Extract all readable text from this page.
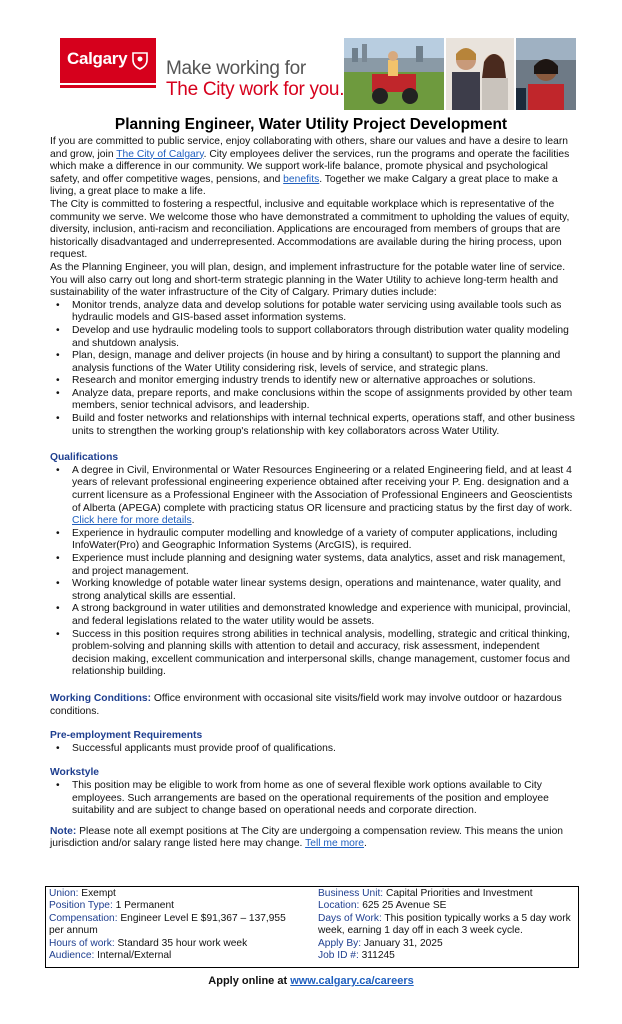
Calgary Make working for
The City work for you.
Planning Engineer, Water Utility Project Development

If you are committed to public service, enjoy collaborating with others, share our values and have a desire to learn and grow, join The City of Calgary. City employees deliver the services, run the programs and operate the facilities which make a difference in our community. We support work-life balance, promote physical and psychological safety, and offer competitive wages, pensions, and benefits. Together we make Calgary a great place to make a living, a great place to make a life.

The City is committed to fostering a respectful, inclusive and equitable workplace which is representative of the community we serve. We welcome those who have demonstrated a commitment to upholding the values of equity, diversity, inclusion, anti-racism and reconciliation. Applications are encouraged from members of groups that are historically disadvantaged and underrepresented. Accommodations are available during the hiring process, upon request.

As the Planning Engineer, you will plan, design, and implement infrastructure for the potable water line of service. You will also carry out long and short-term strategic planning in the Water Utility to achieve long-term health and sustainability of the water infrastructure of the City of Calgary. Primary duties include:

• Monitor trends, analyze data and develop solutions for potable water servicing using available tools such as hydraulic models and GIS-based asset information systems.
• Develop and use hydraulic modeling tools to support collaborators through distribution water quality modeling and shutdown analysis.
• Plan, design, manage and deliver projects (in house and by hiring a consultant) to support the planning and analysis functions of the Water Utility considering risk, levels of service, and strategic plans.
• Research and monitor emerging industry trends to identify new or alternative approaches or solutions.
• Analyze data, prepare reports, and make conclusions within the scope of assignments provided by other team members, senior technical advisors, and leadership.
• Build and foster networks and relationships with internal technical experts, operations staff, and other business units to strengthen the working group's relationship with key collaborators across Water Utility.
Qualifications
• A degree in Civil, Environmental or Water Resources Engineering or a related Engineering field, and at least 4 years of relevant professional engineering experience obtained after receiving your P. Eng. designation and a current licensure as a Professional Engineer with the Association of Professional Engineers and Geoscientists of Alberta (APEGA) complete with practicing status OR licensure and practicing status by the first day of work. Click here for more details.
• Experience in hydraulic computer modelling and knowledge of a variety of computer applications, including InfoWater(Pro) and Geographic Information Systems (ArcGIS), is required.
• Experience must include planning and designing water systems, data analytics, asset and risk management, and project management.
• Working knowledge of potable water linear systems design, operations and maintenance, water quality, and strong analytical skills are essential.
• A strong background in water utilities and demonstrated knowledge and experience with municipal, provincial, and federal legislations related to the water utility would be assets.
• Success in this position requires strong abilities in technical analysis, modelling, strategic and critical thinking, problem-solving and planning skills with attention to detail and accuracy, risk assessment, independent decision making, excellent communication and interpersonal skills, change management, customer focus and relationship building.

Working Conditions: Office environment with occasional site visits/field work may involve outdoor or hazardous conditions.

Pre-employment Requirements
• Successful applicants must provide proof of qualifications.
Workstyle
• This position may be eligible to work from home as one of several flexible work options available to City employees. Such arrangements are based on the operational requirements of the position and employee suitability and are subject to change based on operational needs and corporate direction.

Note: Please note all exempt positions at The City are undergoing a compensation review. This means the union jurisdiction and/or salary range listed here may change. Tell me more.

Union: Exempt
Position Type: 1 Permanent
Compensation: Engineer Level E $91,367 – 137,955 per annum
Hours of work: Standard 35 hour work week
Audience: Internal/External
Business Unit: Capital Priorities and Investment
Location: 625 25 Avenue SE
Days of Work: This position typically works a 5 day work week, earning 1 day off in each 3 week cycle.
Apply By: January 31, 2025
Job ID #: 311245
Apply online at www.calgary.ca/careers
